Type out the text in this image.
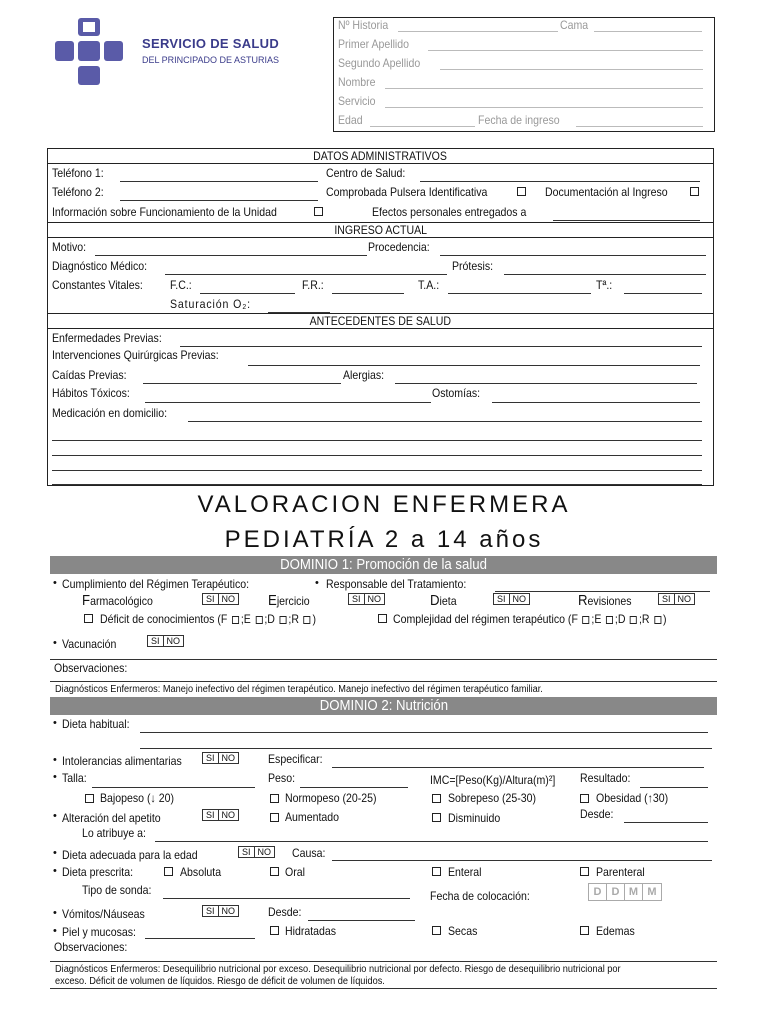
SERVICIO DE SALUD
DEL PRINCIPADO DE ASTURIAS
Nº Historia	Cama
Primer Apellido
Segundo Apellido
Nombre
Servicio
Edad	Fecha de ingreso
DATOS ADMINISTRATIVOS
Teléfono 1:	Centro de Salud:
Teléfono 2:	Comprobada Pulsera Identificativa	Documentación al Ingreso
Información sobre Funcionamiento de la Unidad	Efectos personales entregados a
INGRESO ACTUAL
Motivo:	Procedencia:
Diagnóstico Médico:	Prótesis:
Constantes Vitales: F.C.:	F.R.:	T.A.:	Tª.:
Saturación O₂:
ANTECEDENTES DE SALUD
Enfermedades Previas:
Intervenciones Quirúrgicas Previas:
Caídas Previas:	Alergias:
Hábitos Tóxicos:	Ostomías:
Medicación en domicilio:
VALORACION ENFERMERA
PEDIATRÍA 2 a 14 años
DOMINIO 1: Promoción de la salud
• Cumplimiento del Régimen Terapéutico:	• Responsable del Tratamiento:
Farmacológico	SI NO Ejercicio	SI NO	Dieta	SI NO	Revisiones	SI NO
Déficit de conocimientos (F ;E ;D ;R )	Complejidad del régimen terapéutico (F ;E ;D ;R )
• Vacunación	SI NO
Observaciones:
Diagnósticos Enfermeros: Manejo inefectivo del régimen terapéutico. Manejo inefectivo del régimen terapéutico familiar.
DOMINIO 2: Nutrición
• Dieta habitual:
• Intolerancias alimentarias	SI NO	Especificar:
• Talla:	Peso:	IMC=[Peso(Kg)/Altura(m)²] Resultado:
Bajopeso (↓ 20)	Normopeso (20-25)	Sobrepeso (25-30)	Obesidad (↑30)
• Alteración del apetito	SI NO	Aumentado	Disminuido	Desde:
Lo atribuye a:
• Dieta adecuada para la edad	SI NO Causa:
• Dieta prescrita:	Absoluta	Oral	Enteral	Parenteral
Tipo de sonda:	Fecha de colocación:	D D M M
• Vómitos/Náuseas	SI NO	Desde:
• Piel y mucosas:	Hidratadas	Secas	Edemas
Observaciones:
Diagnósticos Enfermeros: Desequilibrio nutricional por exceso. Desequilibrio nutricional por defecto. Riesgo de desequilibrio nutricional por
exceso. Déficit de volumen de líquidos. Riesgo de déficit de volumen de líquidos.
